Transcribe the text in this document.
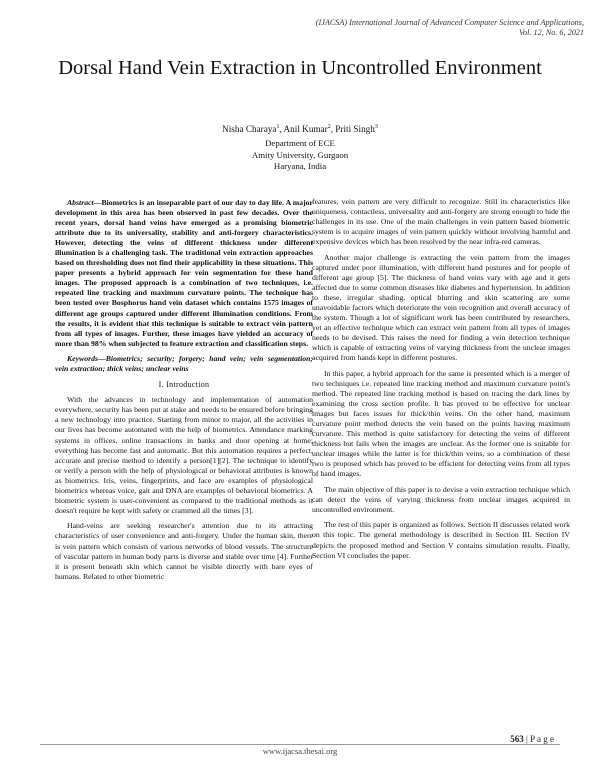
(IJACSA) International Journal of Advanced Computer Science and Applications,
Vol. 12, No. 6, 2021
Dorsal Hand Vein Extraction in Uncontrolled Environment
Nisha Charaya$^1$, Anil Kumar$^2$, Priti Singh$^3$
Department of ECE
Amity University, Gurgaon
Haryana, India

Abstract—Biometrics is an inseparable part of our day to day life. A major development in this area has been observed in past few decades. Over the recent years, dorsal hand veins have emerged as a promising biometric attribute due to its universality, stability and anti-forgery characteristics. However, detecting the veins of different thickness under different illumination is a challenging task. The traditional vein extraction approaches based on thresholding does not find their applicability in these situations. This paper presents a hybrid approach for vein segmentation for these hand images. The proposed approach is a combination of two techniques, i.e. repeated line tracking and maximum curvature points. The technique has been tested over Bosphorus hand vein dataset which contains 1575 images of different age groups captured under different illumination conditions. From the results, it is evident that this technique is suitable to extract vein pattern from all types of images. Further, these images have yielded an accuracy of more than 98% when subjected to feature extraction and classification steps.

Keywords—Biometrics; security; forgery; hand vein; vein segmentation; vein extraction; thick veins; unclear veins

I. Introduction

With the advances in technology and implementation of automation everywhere, security has been put at stake and needs to be ensured before bringing a new technology into practice. Starting from minor to major, all the activities in our lives has become automated with the help of biometrics. Attendance marking systems in offices, online transactions in banks and door opening at home; everything has become fast and automatic. But this automation requires a perfect, accurate and precise method to identify a person[1][2]. The technique to identify or verify a person with the help of physiological or behavioral attributes is known as biometrics. Iris, veins, fingerprints, and face are examples of physiological biometrics whereas voice, gait and DNA are examples of behavioral biometrics. A biometric system is user-convenient as compared to the traditional methods as it doesn't require be kept with safety or crammed all the times [3].

Hand-veins are seeking researcher's attention due to its attracting characteristics of user convenience and anti-forgery. Under the human skin, there is vein pattern which consists of various networks of blood vessels. The structure of vascular pattern in human body parts is diverse and stable over time [4]. Further it is present beneath skin which cannot be visible directly with bare eyes of humans. Related to other biometric

features, vein pattern are very difficult to recognize. Still its characteristics like uniqueness, contactless, universality and anti-forgery are strong enough to hide the challenges in its use. One of the main challenges in vein pattern based biometric system is to acquire images of vein pattern quickly without involving harmful and expensive devices which has been resolved by the near infra-red cameras.

Another major challenge is extracting the vein pattern from the images captured under poor illumination, with different hand postures and for people of different age group [5]. The thickness of hand veins vary with age and it gets affected due to some common diseases like diabetes and hypertension. In addition to these, irregular shading, optical blurring and skin scattering are some unavoidable factors which deteriorate the vein recognition and overall accuracy of the system. Though a lot of significant work has been contributed by researchers, yet an effective technique which can extract vein pattern from all types of images needs to be devised. This raises the need for finding a vein detection technique which is capable of extracting veins of varying thickness from the unclear images acquired from hands kept in different postures.

In this paper, a hybrid approach for the same is presented which is a merger of two techniques i.e. repeated line tracking method and maximum curvature point's method. The repeated line tracking method is based on tracing the dark lines by examining the cross section profile. It has proved to be effective for unclear images but faces issues for thick/thin veins. On the other hand, maximum curvature point method detects the vein based on the points having maximum curvature. This method is quite satisfactory for detecting the veins of different thickness but fails when the images are unclear. As the former one is suitable for unclear images while the latter is for thick/thin veins, so a combination of these two is proposed which has proved to be efficient for detecting veins from all types of hand images.

The main objective of this paper is to devise a vein extraction technique which can detect the veins of varying thickness from unclear images acquired in uncontrolled environment.

The rest of this paper is organized as follows. Section II discusses related work on this topic. The general methodology is described in Section III. Section IV depicts the proposed method and Section V contains simulation results. Finally, Section VI concludes the paper.

563 | P a g e
www.ijacsa.thesai.org
